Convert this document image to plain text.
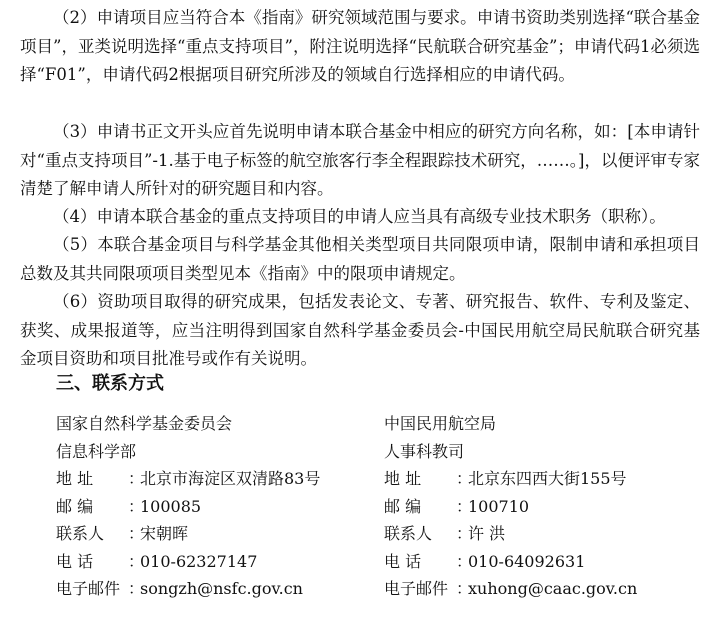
（2）申请项目应当符合本《指南》研究领域范围与要求。申请书资助类别选择“联合基金项目”，亚类说明选择“重点支持项目”，附注说明选择“民航联合研究基金”；申请代码1必须选择“F01”，申请代码2根据项目研究所涉及的领域自行选择相应的申请代码。

（3）申请书正文开头应首先说明申请本联合基金中相应的研究方向名称，如：[本申请针对“重点支持项目”-1.基于电子标签的航空旅客行李全程跟踪技术研究，……。]，以便评审专家清楚了解申请人所针对的研究题目和内容。

（4）申请本联合基金的重点支持项目的申请人应当具有高级专业技术职务（职称）。

（5）本联合基金项目与科学基金其他相关类型项目共同限项申请，限制申请和承担项目总数及其共同限项项目类型见本《指南》中的限项申请规定。

（6）资助项目取得的研究成果，包括发表论文、专著、研究报告、软件、专利及鉴定、获奖、成果报道等，应当注明得到国家自然科学基金委员会-中国民用航空局民航联合研究基金项目资助和项目批准号或作有关说明。

三、联系方式
国家自然科学基金委员会
信息科学部
地 址 ：
北京市海淀区双清路83号
邮 编 ：
100085
联系人 ：
宋朝晖
电 话 ：
010-62327147
电子邮件 ：
songzh@nsfc.gov.cn
中国民用航空局
人事科教司
地 址 ：
北京东四西大街155号
邮 编 ：
100710
联系人 ：
许 洪
电 话 ：
010-64092631
电子邮件 ：
xuhong@caac.gov.cn
